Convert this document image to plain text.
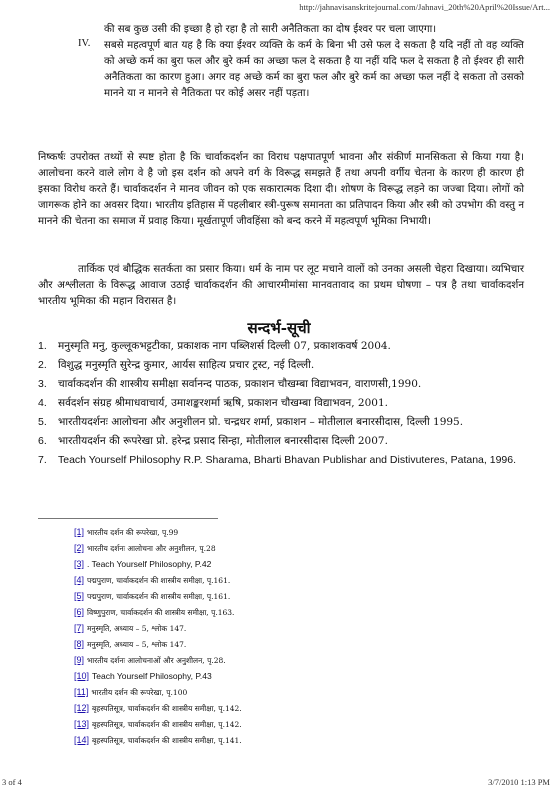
http://jahnavisanskritejournal.com/Jahnavi_20th%20April%20Issue/Art...

की सब कुछ उसी की इच्छा है हो रहा है तो सारी अनैतिकता का दोष ईश्वर पर चला जाएगा।

IV. सबसे महत्वपूर्ण बात यह है कि क्या ईश्वर व्यक्ति के कर्म के बिना भी उसे फल दे सकता है यदि नहीं तो वह व्यक्ति को अच्छे कर्म का बुरा फल और बुरे कर्म का अच्छा फल दे सकता है या नहीं यदि फल दे सकता है तो ईश्वर ही सारी अनैतिकता का कारण हुआ। अगर वह अच्छे कर्म का बुरा फल और बुरे कर्म का अच्छा फल नहीं दे सकता तो उसको मानने या न मानने से नैतिकता पर कोई असर नहीं पड़ता।

निष्कर्षः उपरोक्त तथ्यों से स्पष्ट होता है कि चार्वाकदर्शन का विराध पक्षपातपूर्ण भावना और संकीर्ण मानसिकता से किया गया है। आलोचना करने वाले लोग वे है जो इस दर्शन को अपने वर्ग के विरूद्ध समझते हैं तथा अपनी वर्गीय चेतना के कारण ही कारण ही इसका विरोध करते हैं। चार्वाकदर्शन ने मानव जीवन को एक सकारात्मक दिशा दी। शोषण के विरूद्ध लड़ने का जज्बा दिया। लोगों को जागरूक होने का अवसर दिया। भारतीय इतिहास में पहलीबार स्त्री-पुरूष समानता का प्रतिपादन किया और स्त्री को उपभोग की वस्तु न मानने की चेतना का समाज में प्रवाह किया। मूर्खतापूर्ण जीवहिंसा को बन्द करने में महत्वपूर्ण भूमिका निभायी।

तार्किक एवं बौद्धिक सतर्कता का प्रसार किया। धर्म के नाम पर लूट मचाने वालों को उनका असली चेहरा दिखाया। व्यभिचार और अश्लीलता के विरूद्ध आवाज उठाई चार्वाकदर्शन की आचारमीमांसा मानवतावाद का प्रथम घोषणा – पत्र है तथा चार्वाकदर्शन भारतीय भूमिका की महान विरासत है।

सन्दर्भ-सूची
1. मनुस्मृति मनु, कुल्लूकभट्टटीका, प्रकाशक नाग पब्लिशर्स दिल्ली 07, प्रकाशकवर्ष 2004.
2. विशुद्ध मनुस्मृति सुरेन्द्र कुमार, आर्यस साहित्य प्रचार ट्रस्ट, नई दिल्ली.
3. चार्वाकदर्शन की शास्त्रीय समीक्षा सर्वानन्द पाठक, प्रकाशन चौखम्बा विद्याभवन, वाराणसी,1990.
4. सर्वदर्शन संग्रह श्रीमाधवाचार्य, उमाशङ्करशर्मा ऋषि, प्रकाशन चौखम्बा विद्याभवन, 2001.
5. भारतीयदर्शनः आलोचना और अनुशीलन प्रो. चन्द्रधर शर्मा, प्रकाशन – मोतीलाल बनारसीदास, दिल्ली 1995.
6. भारतीयदर्शन की रूपरेखा प्रो. हरेन्द्र प्रसाद सिन्हा, मोतीलाल बनारसीदास दिल्ली 2007.
7. Teach Yourself Philosophy R.P. Sharama, Bharti Bhavan Publishar and Distivuteres, Patana, 1996.
[1] भारतीय दर्शन की रूपरेखा, पृ.99
[2] भारतीय दर्शनः आलोचना और अनुशीलन, पृ.28
[3] . Teach Yourself Philosophy, P.42
[4] पद्मपुराण, चार्वाकदर्शन की शास्त्रीय समीक्षा, पृ.161.
[5] पद्मपुराण, चार्वाकदर्शन की शास्त्रीय समीक्षा, पृ.161.
[6] विष्णुपुराण, चार्वाकदर्शन की शास्त्रीय समीक्षा, पृ.163.
[7] मनुस्मृति, अध्याय – 5, श्लोक 147.
[8] मनुस्मृति, अध्याय – 5, श्लोक 147.
[9] भारतीय दर्शनः आलोचनाओं और अनुशीलन, पृ.28.
[10] Teach Yourself Philosophy, P.43
[11] भारतीय दर्शन की रूपरेखा, पृ.100
[12] बृहस्पतिसूत्र, चार्वाकदर्शन की शास्त्रीय समीक्षा, पृ.142.
[13] बृहस्पतिसूत्र, चार्वाकदर्शन की शास्त्रीय समीक्षा, पृ.142.
[14] बृहस्पतिसूत्र, चार्वाकदर्शन की शास्त्रीय समीक्षा, पृ.141.
3 of 4	3/7/2010 1:13 PM
